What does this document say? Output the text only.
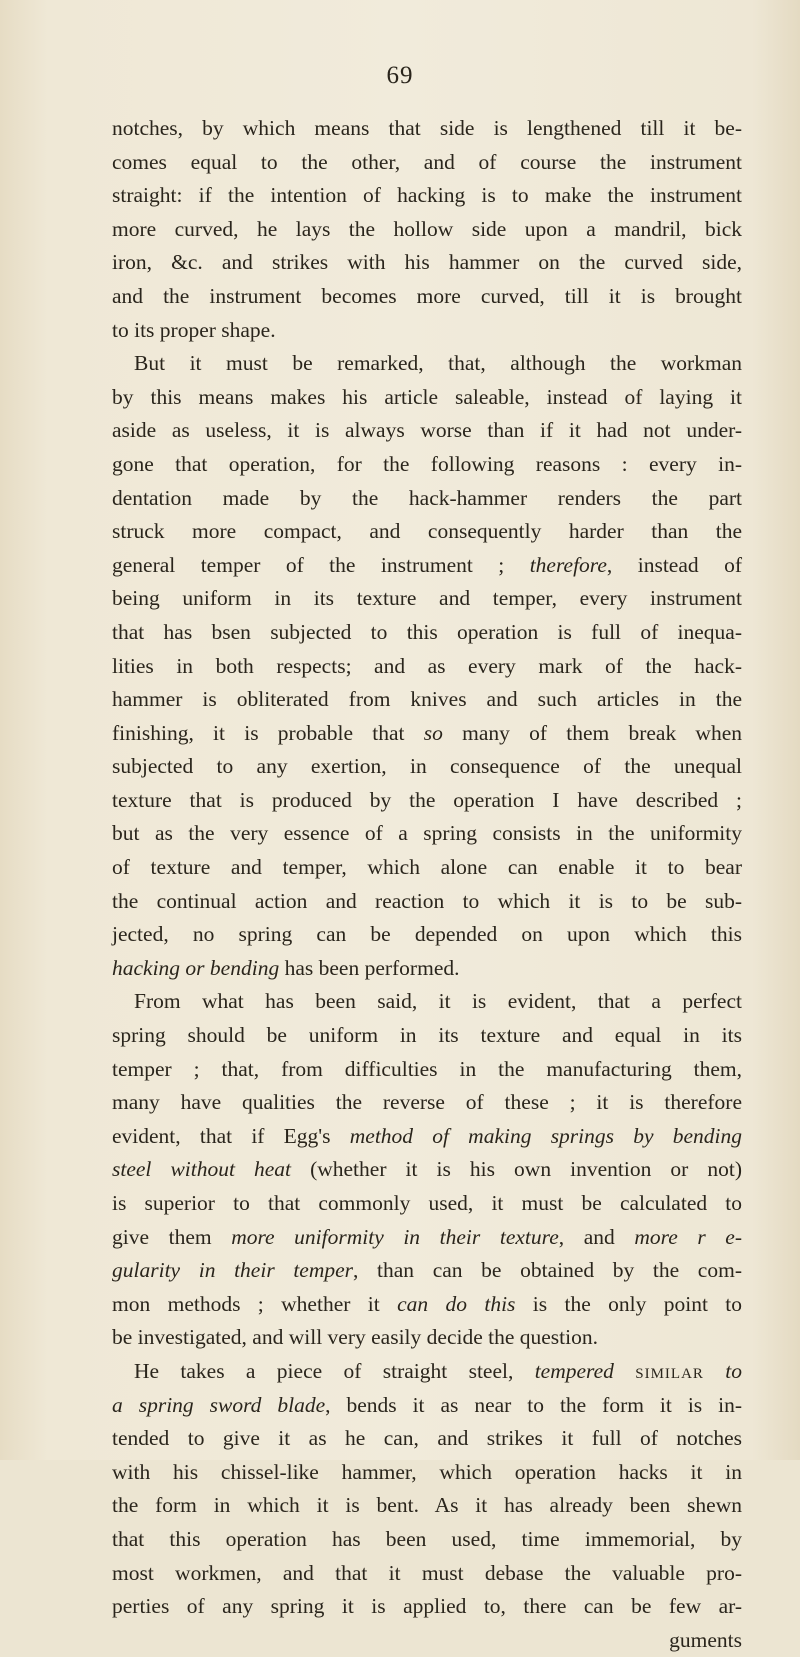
69
notches, by which means that side is lengthened till it be-
comes equal to the other, and of course the instrument
straight: if the intention of hacking is to make the instrument
more curved, he lays the hollow side upon a mandril, bick
iron, &c. and strikes with his hammer on the curved side,
and the instrument becomes more curved, till it is brought
to its proper shape.
But it must be remarked, that, although the workman
by this means makes his article saleable, instead of laying it
aside as useless, it is always worse than if it had not under-
gone that operation, for the following reasons : every in-
dentation made by the hack-hammer renders the part
struck more compact, and consequently harder than the
general temper of the instrument ; therefore, instead of
being uniform in its texture and temper, every instrument
that has bsen subjected to this operation is full of inequa-
lities in both respects; and as every mark of the hack-
hammer is obliterated from knives and such articles in the
finishing, it is probable that so many of them break when
subjected to any exertion, in consequence of the unequal
texture that is produced by the operation I have described ;
but as the very essence of a spring consists in the uniformity
of texture and temper, which alone can enable it to bear
the continual action and reaction to which it is to be sub-
jected, no spring can be depended on upon which this
hacking or bending has been performed.
From what has been said, it is evident, that a perfect
spring should be uniform in its texture and equal in its
temper ; that, from difficulties in the manufacturing them,
many have qualities the reverse of these ; it is therefore
evident, that if Egg's method of making springs by bending
steel without heat (whether it is his own invention or not)
is superior to that commonly used, it must be calculated to
give them more uniformity in their texture, and more r e-
gularity in their temper, than can be obtained by the com-
mon methods ; whether it can do this is the only point to
be investigated, and will very easily decide the question.
He takes a piece of straight steel, tempered similar to
a spring sword blade, bends it as near to the form it is in-
tended to give it as he can, and strikes it full of notches
with his chissel-like hammer, which operation hacks it in
the form in which it is bent. As it has already been shewn
that this operation has been used, time immemorial, by
most workmen, and that it must debase the valuable pro-
perties of any spring it is applied to, there can be few ar-
guments
